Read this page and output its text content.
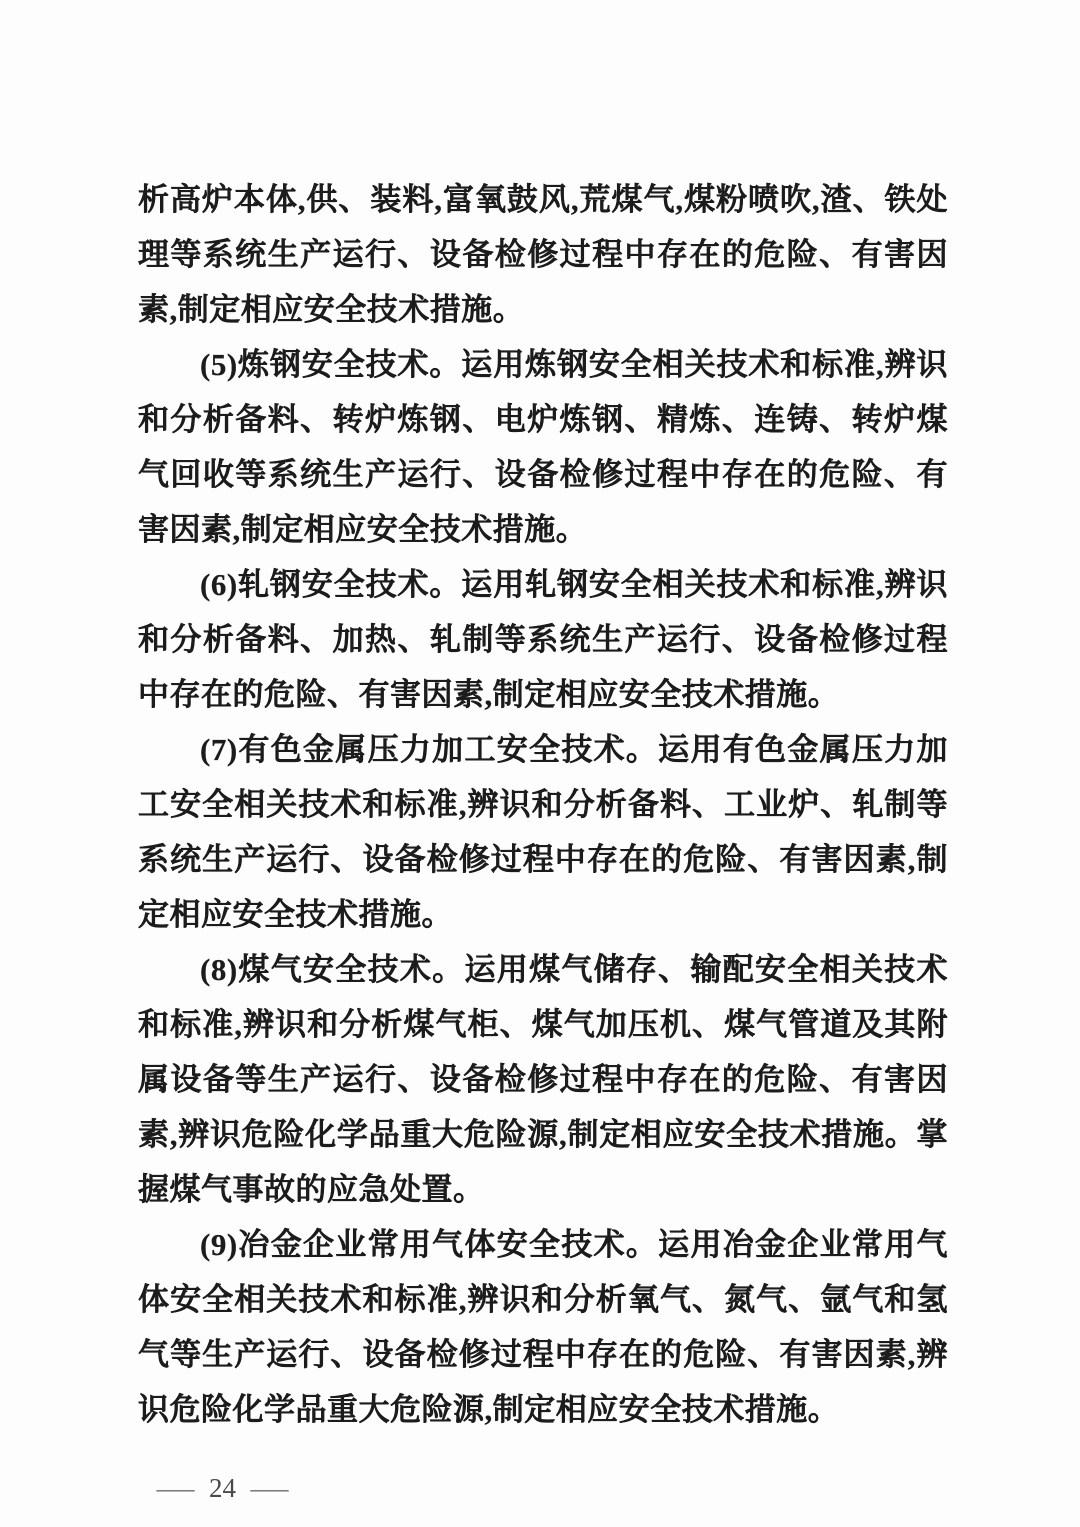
析高炉本体,供、装料,富氧鼓风,荒煤气,煤粉喷吹,渣、铁处理等系统生产运行、设备检修过程中存在的危险、有害因素,制定相应安全技术措施。

(5)炼钢安全技术。运用炼钢安全相关技术和标准,辨识和分析备料、转炉炼钢、电炉炼钢、精炼、连铸、转炉煤气回收等系统生产运行、设备检修过程中存在的危险、有害因素,制定相应安全技术措施。

(6)轧钢安全技术。运用轧钢安全相关技术和标准,辨识和分析备料、加热、轧制等系统生产运行、设备检修过程中存在的危险、有害因素,制定相应安全技术措施。

(7)有色金属压力加工安全技术。运用有色金属压力加工安全相关技术和标准,辨识和分析备料、工业炉、轧制等系统生产运行、设备检修过程中存在的危险、有害因素,制定相应安全技术措施。

(8)煤气安全技术。运用煤气储存、输配安全相关技术和标准,辨识和分析煤气柜、煤气加压机、煤气管道及其附属设备等生产运行、设备检修过程中存在的危险、有害因素,辨识危险化学品重大危险源,制定相应安全技术措施。掌握煤气事故的应急处置。

(9)冶金企业常用气体安全技术。运用冶金企业常用气体安全相关技术和标准,辨识和分析氧气、氮气、氩气和氢气等生产运行、设备检修过程中存在的危险、有害因素,辨识危险化学品重大危险源,制定相应安全技术措施。

— 24 —
